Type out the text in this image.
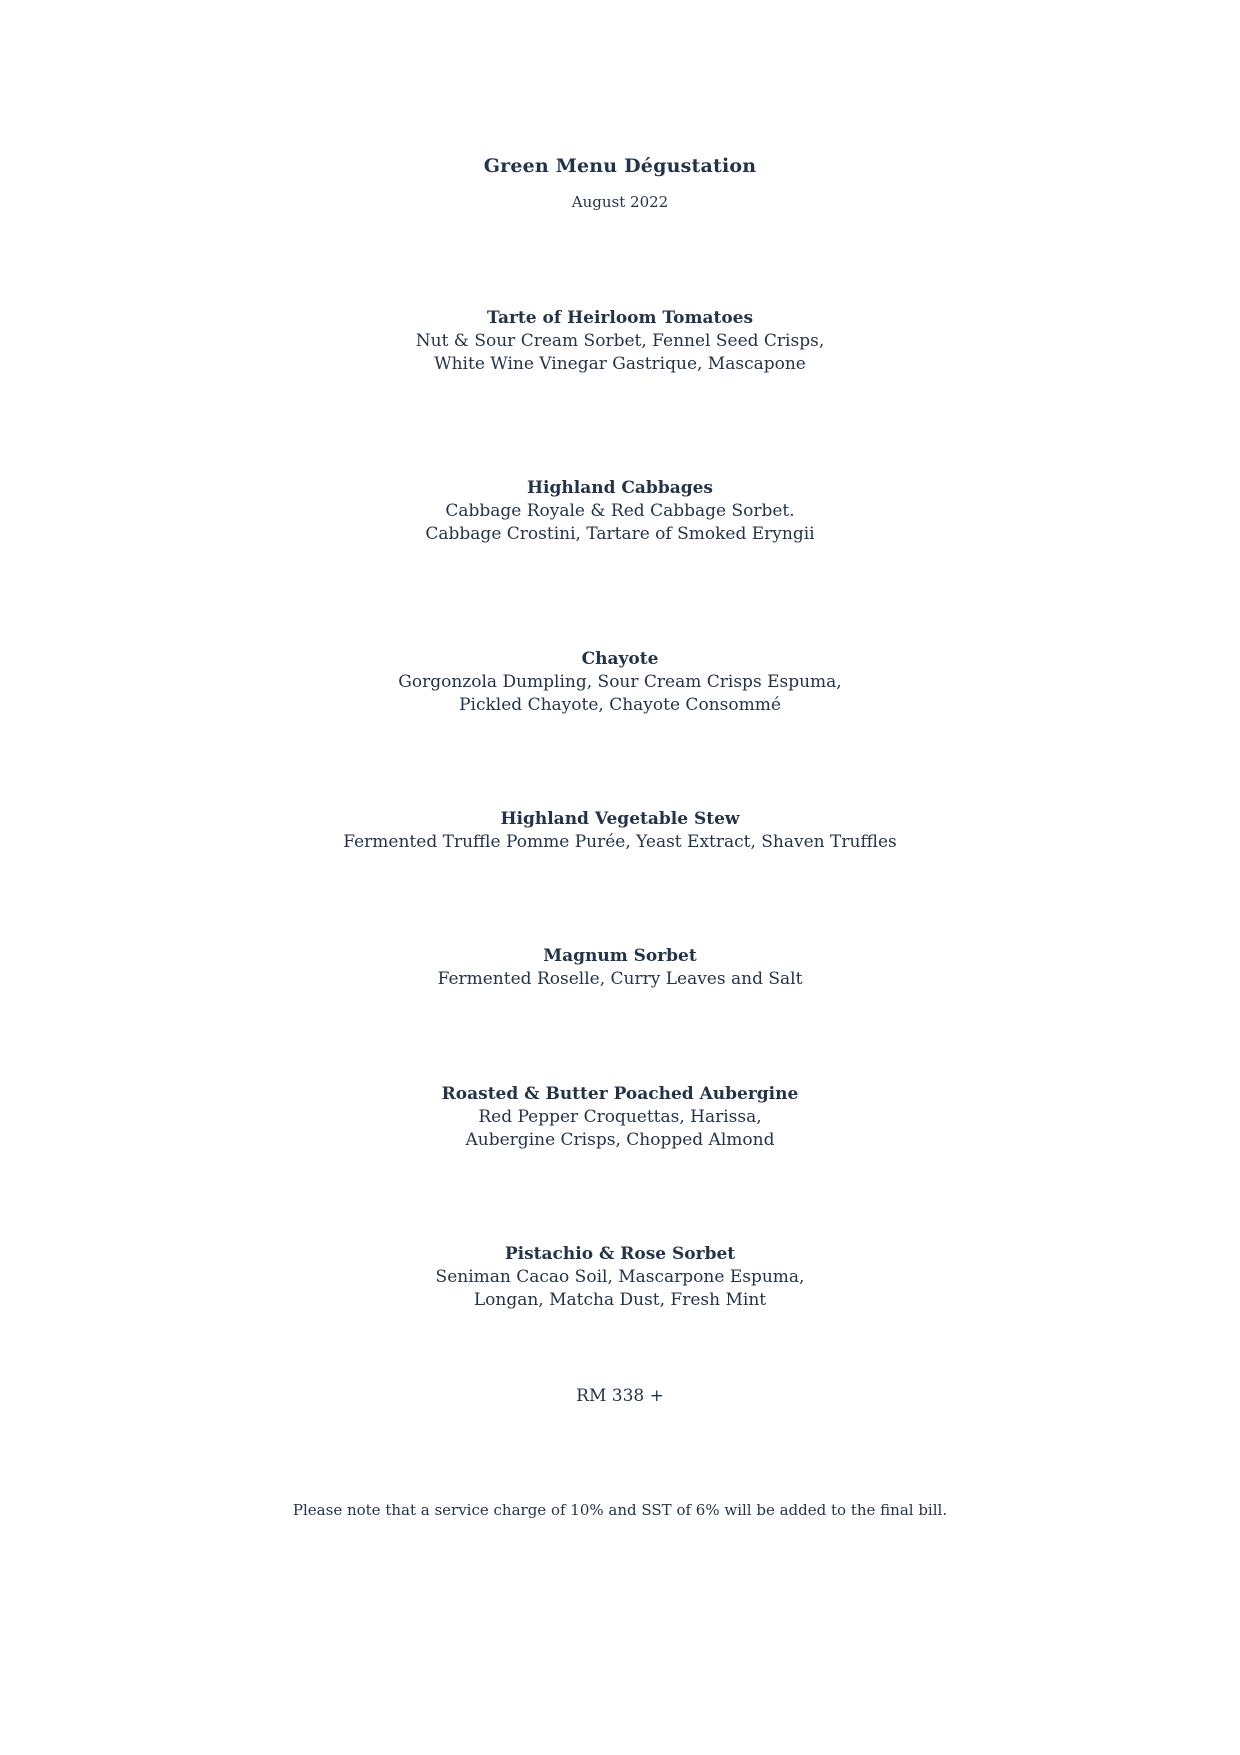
Green Menu Dégustation
August 2022
Tarte of Heirloom Tomatoes
Nut & Sour Cream Sorbet, Fennel Seed Crisps,
White Wine Vinegar Gastrique, Mascapone
Highland Cabbages
Cabbage Royale & Red Cabbage Sorbet.
Cabbage Crostini, Tartare of Smoked Eryngii
Chayote
Gorgonzola Dumpling, Sour Cream Crisps Espuma,
Pickled Chayote, Chayote Consommé
Highland Vegetable Stew
Fermented Truffle Pomme Purée, Yeast Extract, Shaven Truffles
Magnum Sorbet
Fermented Roselle, Curry Leaves and Salt
Roasted & Butter Poached Aubergine
Red Pepper Croquettas, Harissa,
Aubergine Crisps, Chopped Almond
Pistachio & Rose Sorbet
Seniman Cacao Soil, Mascarpone Espuma,
Longan, Matcha Dust, Fresh Mint
RM 338 +
Please note that a service charge of 10% and SST of 6% will be added to the final bill.
